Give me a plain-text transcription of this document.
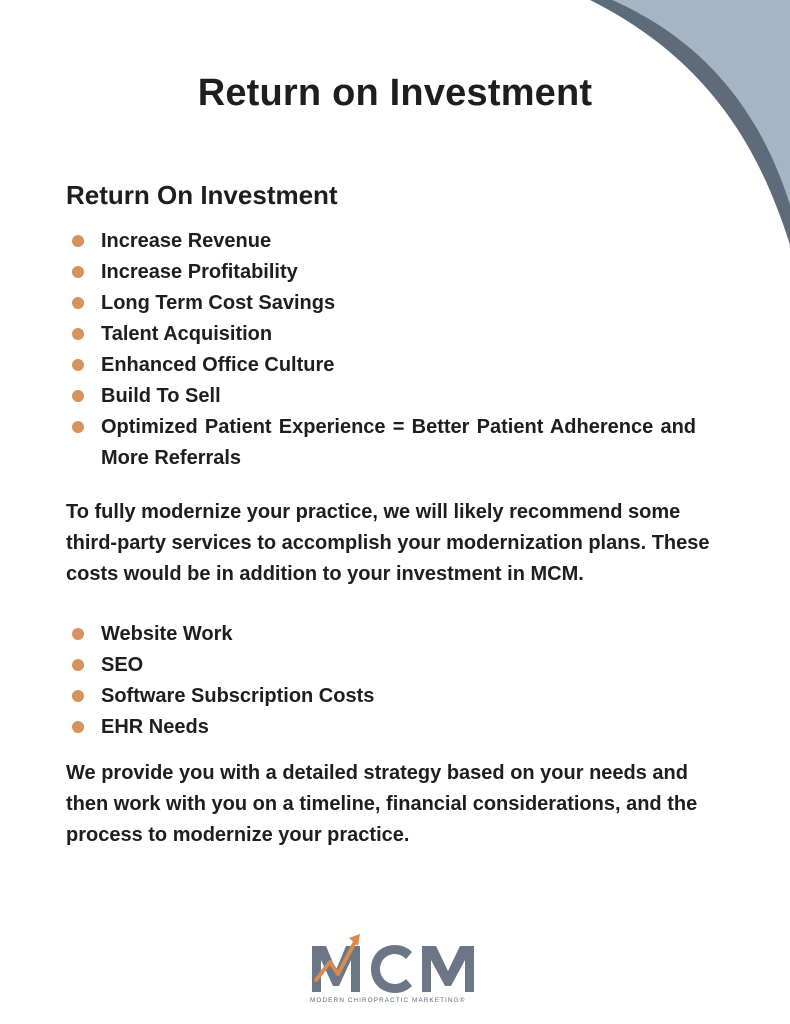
Return on Investment
Return On Investment
Increase Revenue
Increase Profitability
Long Term Cost Savings
Talent Acquisition
Enhanced Office Culture
Build To Sell
Optimized Patient Experience = Better Patient Adherence and More Referrals

To fully modernize your practice, we will likely recommend some third-party services to accomplish your modernization plans. These costs would be in addition to your investment in MCM.

Website Work
SEO
Software Subscription Costs
EHR Needs

We provide you with a detailed strategy based on your needs and then work with you on a timeline, financial considerations, and the process to modernize your practice.

MODERN CHIROPRACTIC MARKETING®
